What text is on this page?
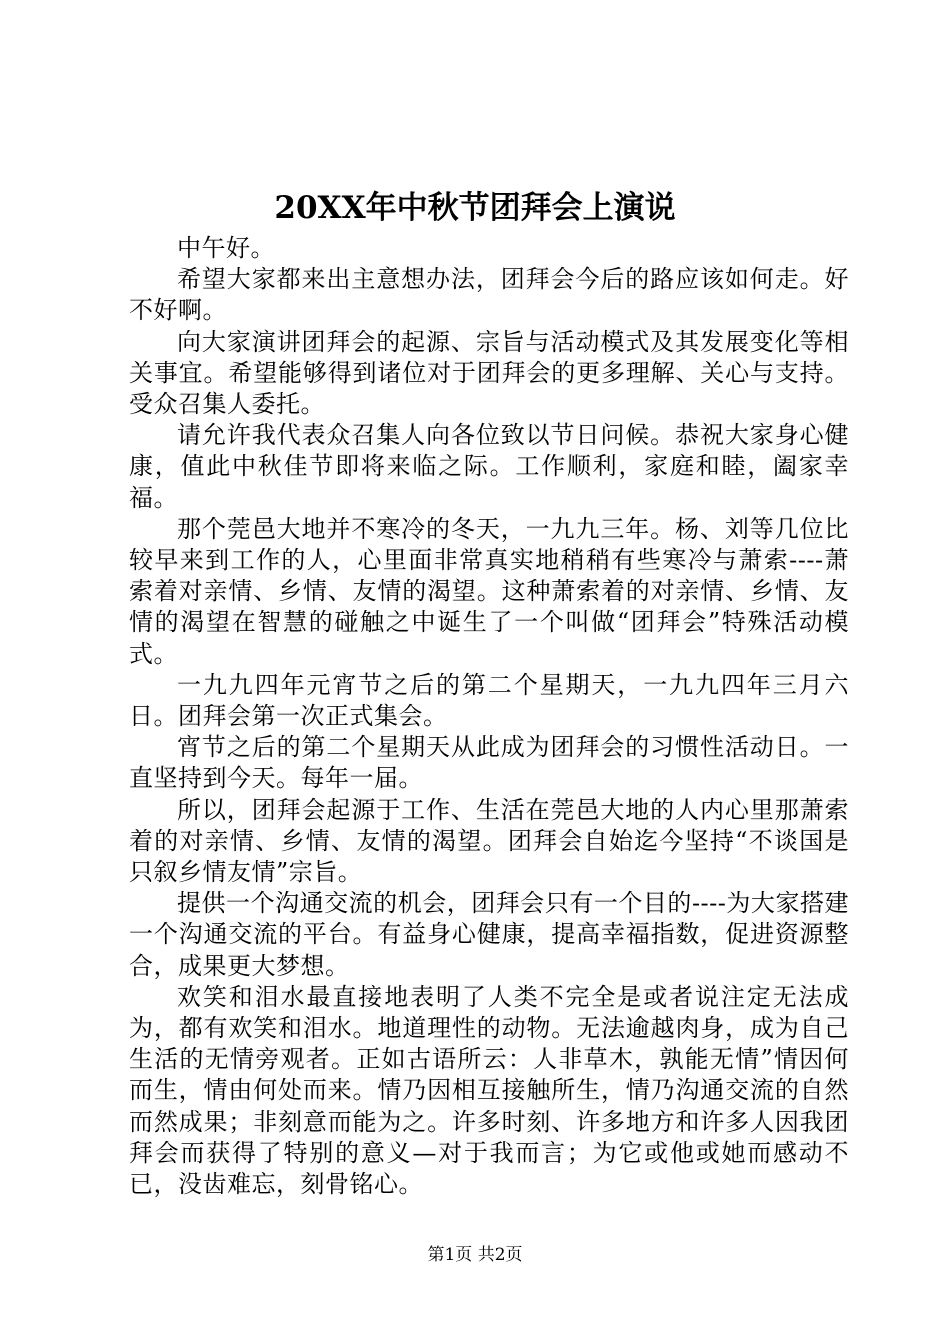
20XX年中秋节团拜会上演说

中午好。

希望大家都来出主意想办法，团拜会今后的路应该如何走。好不好啊。

向大家演讲团拜会的起源、宗旨与活动模式及其发展变化等相关事宜。希望能够得到诸位对于团拜会的更多理解、关心与支持。受众召集人委托。

请允许我代表众召集人向各位致以节日问候。恭祝大家身心健康，值此中秋佳节即将来临之际。工作顺利，家庭和睦，阖家幸福。

那个莞邑大地并不寒冷的冬天，一九九三年。杨、刘等几位比较早来到工作的人，心里面非常真实地稍稍有些寒冷与萧索----萧索着对亲情、乡情、友情的渴望。这种萧索着的对亲情、乡情、友情的渴望在智慧的碰触之中诞生了一个叫做“团拜会”特殊活动模式。

一九九四年元宵节之后的第二个星期天，一九九四年三月六日。团拜会第一次正式集会。

宵节之后的第二个星期天从此成为团拜会的习惯性活动日。一直坚持到今天。每年一届。

所以，团拜会起源于工作、生活在莞邑大地的人内心里那萧索着的对亲情、乡情、友情的渴望。团拜会自始迄今坚持“不谈国是只叙乡情友情”宗旨。

提供一个沟通交流的机会，团拜会只有一个目的----为大家搭建一个沟通交流的平台。有益身心健康，提高幸福指数，促进资源整合，成果更大梦想。

欢笑和泪水最直接地表明了人类不完全是或者说注定无法成为，都有欢笑和泪水。地道理性的动物。无法逾越肉身，成为自己生活的无情旁观者。正如古语所云：人非草木，孰能无情”情因何而生，情由何处而来。情乃因相互接触所生，情乃沟通交流的自然而然成果；非刻意而能为之。许多时刻、许多地方和许多人因我团拜会而获得了特别的意义—对于我而言；为它或他或她而感动不已，没齿难忘，刻骨铭心。

第1页 共2页
